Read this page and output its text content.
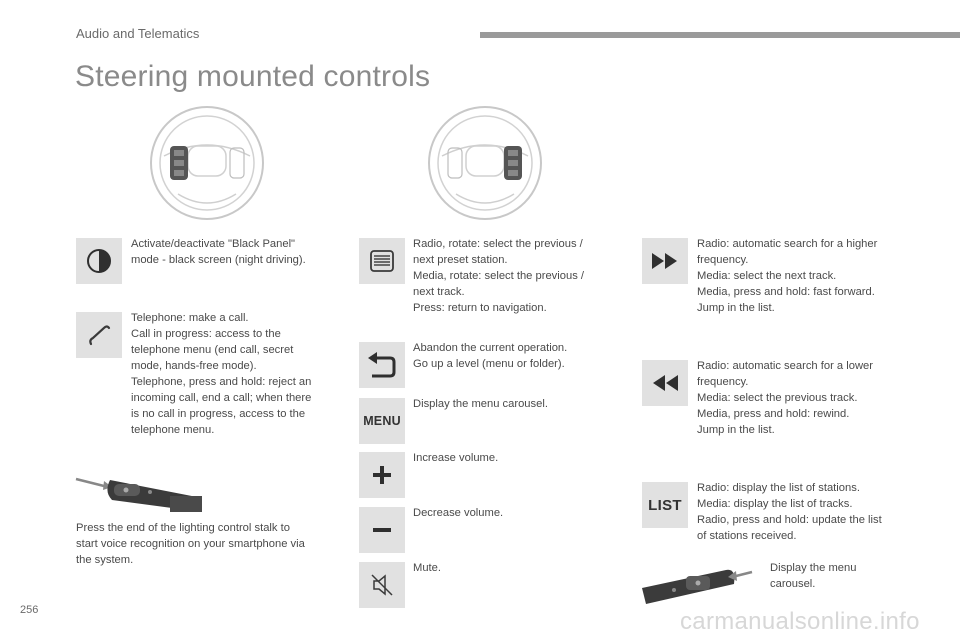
Audio and Telematics
Steering mounted controls
Activate/deactivate "Black Panel"
mode - black screen (night driving).
Telephone: make a call.
Call in progress: access to the
telephone menu (end call, secret
mode, hands-free mode).
Telephone, press and hold: reject an
incoming call, end a call; when there
is no call in progress, access to the
telephone menu.
Press the end of the lighting control stalk to
start voice recognition on your smartphone via
the system.
Radio, rotate: select the previous /
next preset station.
Media, rotate: select the previous /
next track.
Press: return to navigation.
Abandon the current operation.
Go up a level (menu or folder).
MENU
Display the menu carousel.
Increase volume.
Decrease volume.
Mute.
Radio: automatic search for a higher
frequency.
Media: select the next track.
Media, press and hold: fast forward.
Jump in the list.
Radio: automatic search for a lower
frequency.
Media: select the previous track.
Media, press and hold: rewind.
Jump in the list.
LIST
Radio: display the list of stations.
Media: display the list of tracks.
Radio, press and hold: update the list
of stations received.
Display the menu
carousel.
256	carmanualsonline.info
